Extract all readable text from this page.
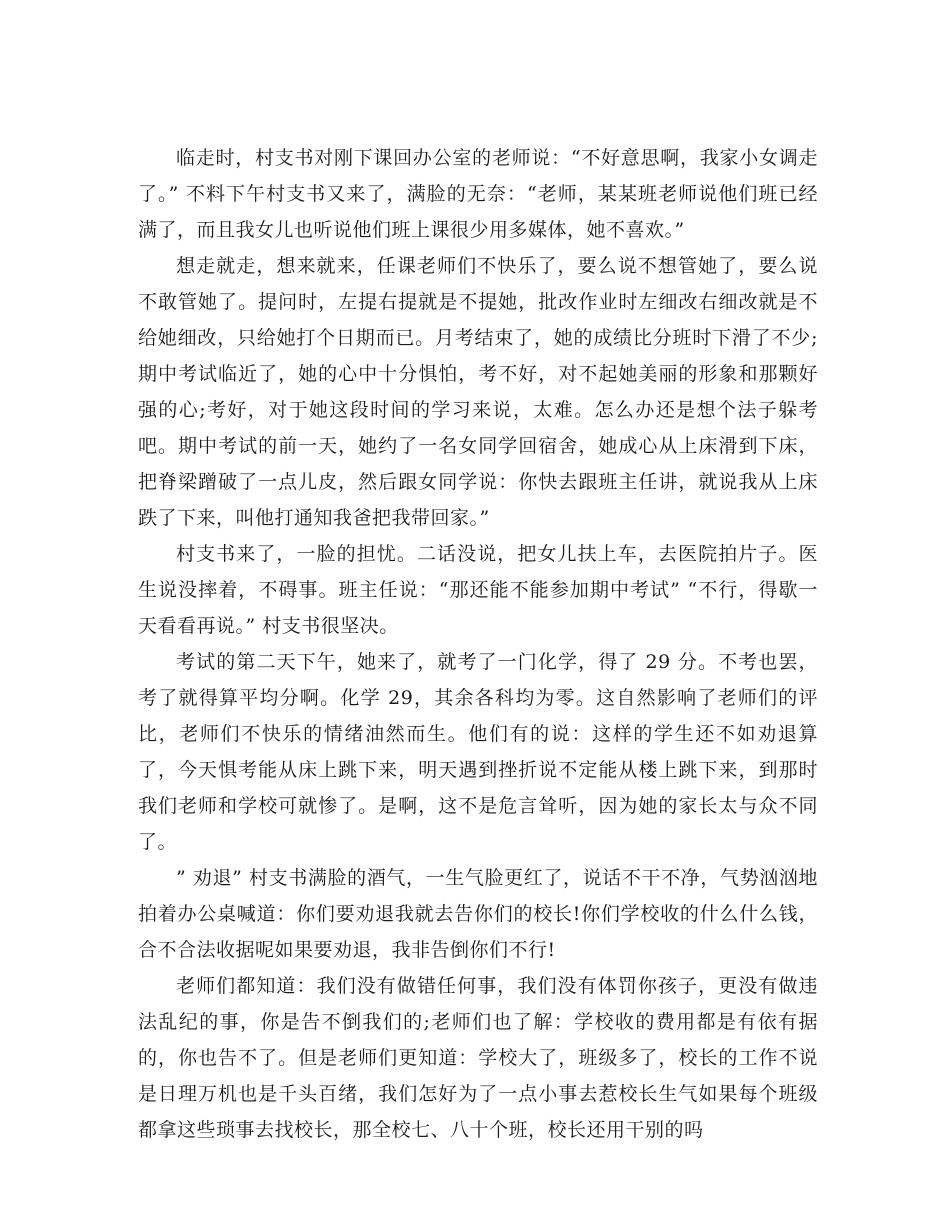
临走时，村支书对刚下课回办公室的老师说：“不好意思啊，我家小女调走了。” 不料下午村支书又来了，满脸的无奈：“老师，某某班老师说他们班已经满了，而且我女儿也听说他们班上课很少用多媒体，她不喜欢。”

想走就走，想来就来，任课老师们不快乐了，要么说不想管她了，要么说不敢管她了。提问时，左提右提就是不提她，批改作业时左细改右细改就是不给她细改，只给她打个日期而已。月考结束了，她的成绩比分班时下滑了不少;期中考试临近了，她的心中十分惧怕，考不好，对不起她美丽的形象和那颗好强的心;考好，对于她这段时间的学习来说，太难。怎么办还是想个法子躲考吧。期中考试的前一天，她约了一名女同学回宿舍，她成心从上床滑到下床，把脊梁蹭破了一点儿皮，然后跟女同学说：你快去跟班主任讲，就说我从上床跌了下来，叫他打通知我爸把我带回家。”

村支书来了，一脸的担忧。二话没说，把女儿扶上车，去医院拍片子。医生说没摔着，不碍事。班主任说：“那还能不能参加期中考试” “不行，得歇一天看看再说。” 村支书很坚决。

考试的第二天下午，她来了，就考了一门化学，得了 29 分。不考也罢，考了就得算平均分啊。化学 29，其余各科均为零。这自然影响了老师们的评比，老师们不快乐的情绪油然而生。他们有的说：这样的学生还不如劝退算了，今天惧考能从床上跳下来，明天遇到挫折说不定能从楼上跳下来，到那时我们老师和学校可就惨了。是啊，这不是危言耸听，因为她的家长太与众不同了。

” 劝退” 村支书满脸的酒气，一生气脸更红了，说话不干不净，气势汹汹地拍着办公桌喊道：你们要劝退我就去告你们的校长!你们学校收的什么什么钱，合不合法收据呢如果要劝退，我非告倒你们不行!

老师们都知道：我们没有做错任何事，我们没有体罚你孩子，更没有做违法乱纪的事，你是告不倒我们的;老师们也了解：学校收的费用都是有依有据的，你也告不了。但是老师们更知道：学校大了，班级多了，校长的工作不说是日理万机也是千头百绪，我们怎好为了一点小事去惹校长生气如果每个班级都拿这些琐事去找校长，那全校七、八十个班，校长还用干别的吗
